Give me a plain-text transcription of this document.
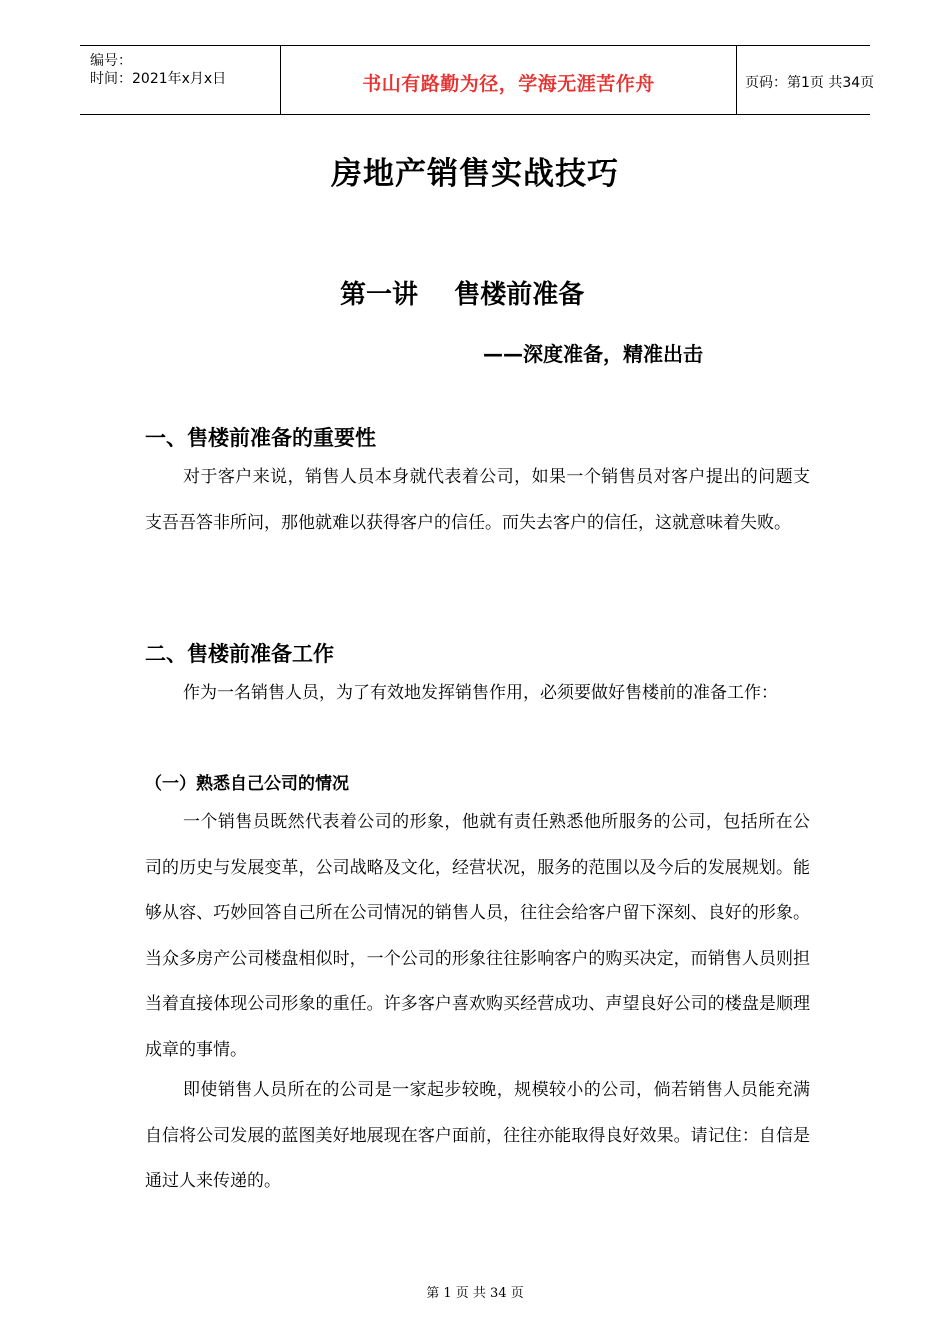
编号：
时间：2021年x月x日	书山有路勤为径，学海无涯苦作舟	页码：第1页 共34页
房地产销售实战技巧
第一讲    售楼前准备
——深度准备，精准出击
一、售楼前准备的重要性
对于客户来说，销售人员本身就代表着公司，如果一个销售员对客户提出的问题支支吾吾答非所问，那他就难以获得客户的信任。而失去客户的信任，这就意味着失败。
二、售楼前准备工作
作为一名销售人员，为了有效地发挥销售作用，必须要做好售楼前的准备工作：
（一）熟悉自己公司的情况
一个销售员既然代表着公司的形象，他就有责任熟悉他所服务的公司，包括所在公司的历史与发展变革，公司战略及文化，经营状况，服务的范围以及今后的发展规划。能够从容、巧妙回答自己所在公司情况的销售人员，往往会给客户留下深刻、良好的形象。当众多房产公司楼盘相似时，一个公司的形象往往影响客户的购买决定，而销售人员则担当着直接体现公司形象的重任。许多客户喜欢购买经营成功、声望良好公司的楼盘是顺理成章的事情。
即使销售人员所在的公司是一家起步较晚，规模较小的公司，倘若销售人员能充满自信将公司发展的蓝图美好地展现在客户面前，往往亦能取得良好效果。请记住：自信是通过人来传递的。
第 1 页 共 34 页
